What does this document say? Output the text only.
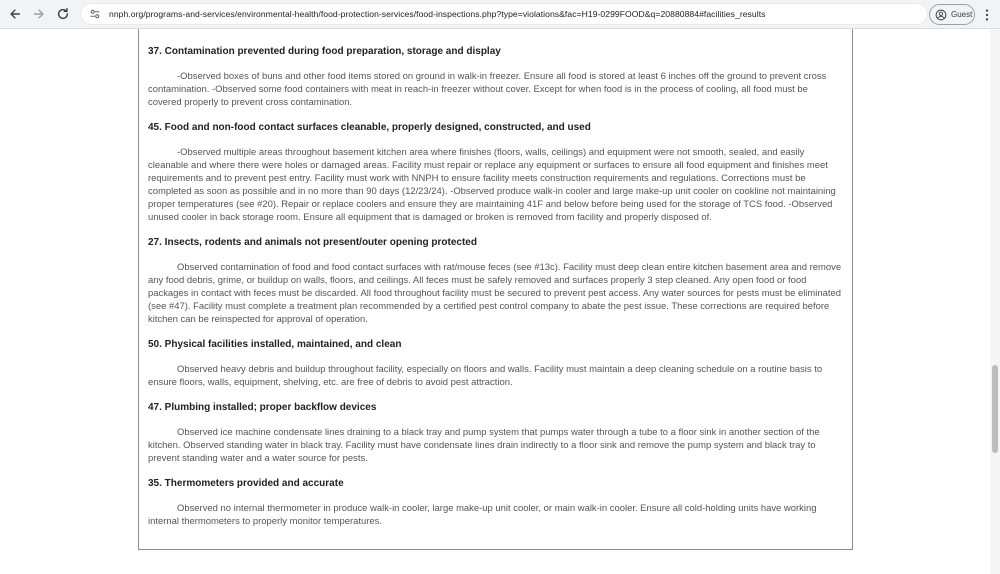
nnph.org/programs-and-services/environmental-health/food-protection-services/food-inspections.php?type=violations&fac=H19-0299FOOD&q=20880884#facilities_results	Guest
37. Contamination prevented during food preparation, storage and display

-Observed boxes of buns and other food items stored on ground in walk-in freezer. Ensure all food is stored at least 6 inches off the ground to prevent cross contamination. -Observed some food containers with meat in reach-in freezer without cover. Except for when food is in the process of cooling, all food must be covered properly to prevent cross contamination.

45. Food and non-food contact surfaces cleanable, properly designed, constructed, and used

-Observed multiple areas throughout basement kitchen area where finishes (floors, walls, ceilings) and equipment were not smooth, sealed, and easily cleanable and where there were holes or damaged areas. Facility must repair or replace any equipment or surfaces to ensure all food equipment and finishes meet requirements and to prevent pest entry. Facility must work with NNPH to ensure facility meets construction requirements and regulations. Corrections must be completed as soon as possible and in no more than 90 days (12/23/24). -Observed produce walk-in cooler and large make-up unit cooler on cookline not maintaining proper temperatures (see #20). Repair or replace coolers and ensure they are maintaining 41F and below before being used for the storage of TCS food. -Observed unused cooler in back storage room. Ensure all equipment that is damaged or broken is removed from facility and properly disposed of.

27. Insects, rodents and animals not present/outer opening protected

Observed contamination of food and food contact surfaces with rat/mouse feces (see #13c). Facility must deep clean entire kitchen basement area and remove any food debris, grime, or buildup on walls, floors, and ceilings. All feces must be safely removed and surfaces properly 3 step cleaned. Any open food or food packages in contact with feces must be discarded. All food throughout facility must be secured to prevent pest access. Any water sources for pests must be eliminated (see #47). Facility must complete a treatment plan recommended by a certified pest control company to abate the pest issue. These corrections are required before kitchen can be reinspected for approval of operation.

50. Physical facilities installed, maintained, and clean

Observed heavy debris and buildup throughout facility, especially on floors and walls. Facility must maintain a deep cleaning schedule on a routine basis to ensure floors, walls, equipment, shelving, etc. are free of debris to avoid pest attraction.

47. Plumbing installed; proper backflow devices

Observed ice machine condensate lines draining to a black tray and pump system that pumps water through a tube to a floor sink in another section of the kitchen. Observed standing water in black tray. Facility must have condensate lines drain indirectly to a floor sink and remove the pump system and black tray to prevent standing water and a water source for pests.

35. Thermometers provided and accurate

Observed no internal thermometer in produce walk-in cooler, large make-up unit cooler, or main walk-in cooler. Ensure all cold-holding units have working internal thermometers to properly monitor temperatures.
